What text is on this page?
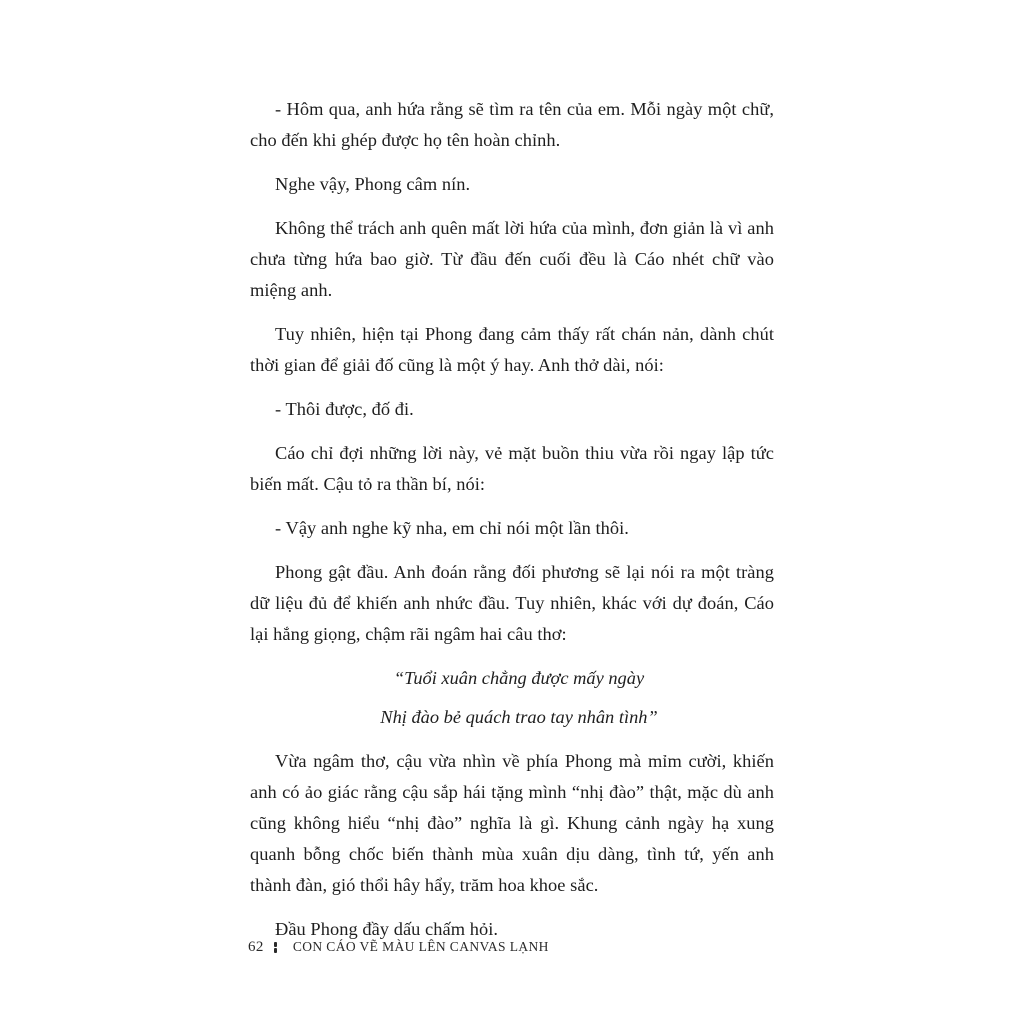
- Hôm qua, anh hứa rằng sẽ tìm ra tên của em. Mỗi ngày một chữ, cho đến khi ghép được họ tên hoàn chỉnh.

Nghe vậy, Phong câm nín.

Không thể trách anh quên mất lời hứa của mình, đơn giản là vì anh chưa từng hứa bao giờ. Từ đầu đến cuối đều là Cáo nhét chữ vào miệng anh.

Tuy nhiên, hiện tại Phong đang cảm thấy rất chán nản, dành chút thời gian để giải đố cũng là một ý hay. Anh thở dài, nói:

- Thôi được, đố đi.

Cáo chỉ đợi những lời này, vẻ mặt buồn thiu vừa rồi ngay lập tức biến mất. Cậu tỏ ra thần bí, nói:

- Vậy anh nghe kỹ nha, em chỉ nói một lần thôi.

Phong gật đầu. Anh đoán rằng đối phương sẽ lại nói ra một tràng dữ liệu đủ để khiến anh nhức đầu. Tuy nhiên, khác với dự đoán, Cáo lại hắng giọng, chậm rãi ngâm hai câu thơ:

“Tuổi xuân chẳng được mấy ngày

Nhị đào bẻ quách trao tay nhân tình”

Vừa ngâm thơ, cậu vừa nhìn về phía Phong mà mỉm cười, khiến anh có ảo giác rằng cậu sắp hái tặng mình “nhị đào” thật, mặc dù anh cũng không hiểu “nhị đào” nghĩa là gì. Khung cảnh ngày hạ xung quanh bỗng chốc biến thành mùa xuân dịu dàng, tình tứ, yến anh thành đàn, gió thổi hây hẩy, trăm hoa khoe sắc.

Đầu Phong đầy dấu chấm hỏi.

62 CON CÁO VẼ MÀU LÊN CANVAS LẠNH
